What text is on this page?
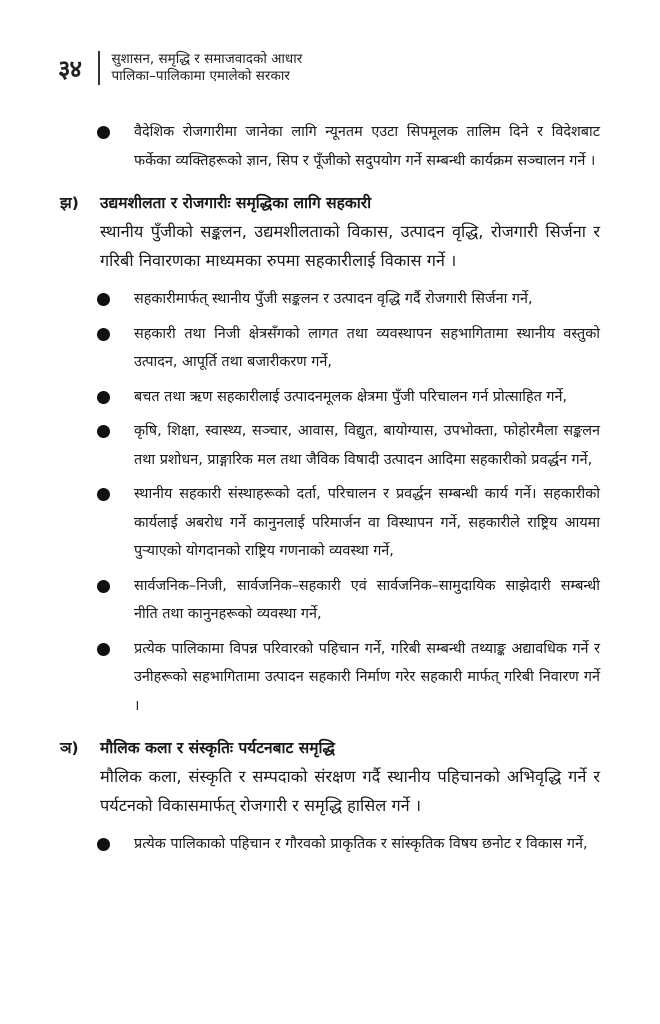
३४	सुशासन, समृद्धि र समाजवादको आधार
पालिका–पालिकामा एमालेको सरकार
वैदेशिक रोजगारीमा जानेका लागि न्यूनतम एउटा सिपमूलक तालिम दिने र विदेशबाट फर्केका व्यक्तिहरूको ज्ञान, सिप र पूँजीको सदुपयोग गर्ने सम्बन्धी कार्यक्रम सञ्चालन गर्ने ।
झ)	उद्यमशीलता र रोजगारीः समृद्धिका लागि सहकारी
स्थानीय पुँजीको सङ्कलन, उद्यमशीलताको विकास, उत्पादन वृद्धि, रोजगारी सिर्जना र गरिबी निवारणका माध्यमका रुपमा सहकारीलाई विकास गर्ने ।
सहकारीमार्फत् स्थानीय पुँजी सङ्कलन र उत्पादन वृद्धि गर्दै रोजगारी सिर्जना गर्ने,
सहकारी तथा निजी क्षेत्रसँगको लागत तथा व्यवस्थापन सहभागितामा स्थानीय वस्तुको उत्पादन, आपूर्ति तथा बजारीकरण गर्ने,
बचत तथा ऋण सहकारीलाई उत्पादनमूलक क्षेत्रमा पुँजी परिचालन गर्न प्रोत्साहित गर्ने,
कृषि, शिक्षा, स्वास्थ्य, सञ्चार, आवास, विद्युत, बायोग्यास, उपभोक्ता, फोहोरमैला सङ्कलन तथा प्रशोधन, प्राङ्गारिक मल तथा जैविक विषादी उत्पादन आदिमा सहकारीको प्रवर्द्धन गर्ने,
स्थानीय सहकारी संस्थाहरूको दर्ता, परिचालन र प्रवर्द्धन सम्बन्धी कार्य गर्ने। सहकारीको कार्यलाई अबरोध गर्ने कानुनलाई परिमार्जन वा विस्थापन गर्ने, सहकारीले राष्ट्रिय आयमा पुऱ्याएको योगदानको राष्ट्रिय गणनाको व्यवस्था गर्ने,
सार्वजनिक–निजी, सार्वजनिक–सहकारी एवं सार्वजनिक–सामुदायिक साझेदारी सम्बन्धी नीति तथा कानुनहरूको व्यवस्था गर्ने,
प्रत्येक पालिकामा विपन्न परिवारको पहिचान गर्ने, गरिबी सम्बन्धी तथ्याङ्क अद्यावधिक गर्ने र उनीहरूको सहभागितामा उत्पादन सहकारी निर्माण गरेर सहकारी मार्फत् गरिबी निवारण गर्ने ।
ञ)	मौलिक कला र संस्कृतिः पर्यटनबाट समृद्धि
मौलिक कला, संस्कृति र सम्पदाको संरक्षण गर्दै स्थानीय पहिचानको अभिवृद्धि गर्ने र पर्यटनको विकासमार्फत् रोजगारी र समृद्धि हासिल गर्ने ।
प्रत्येक पालिकाको पहिचान र गौरवको प्राकृतिक र सांस्कृतिक विषय छनोट र विकास गर्ने,
